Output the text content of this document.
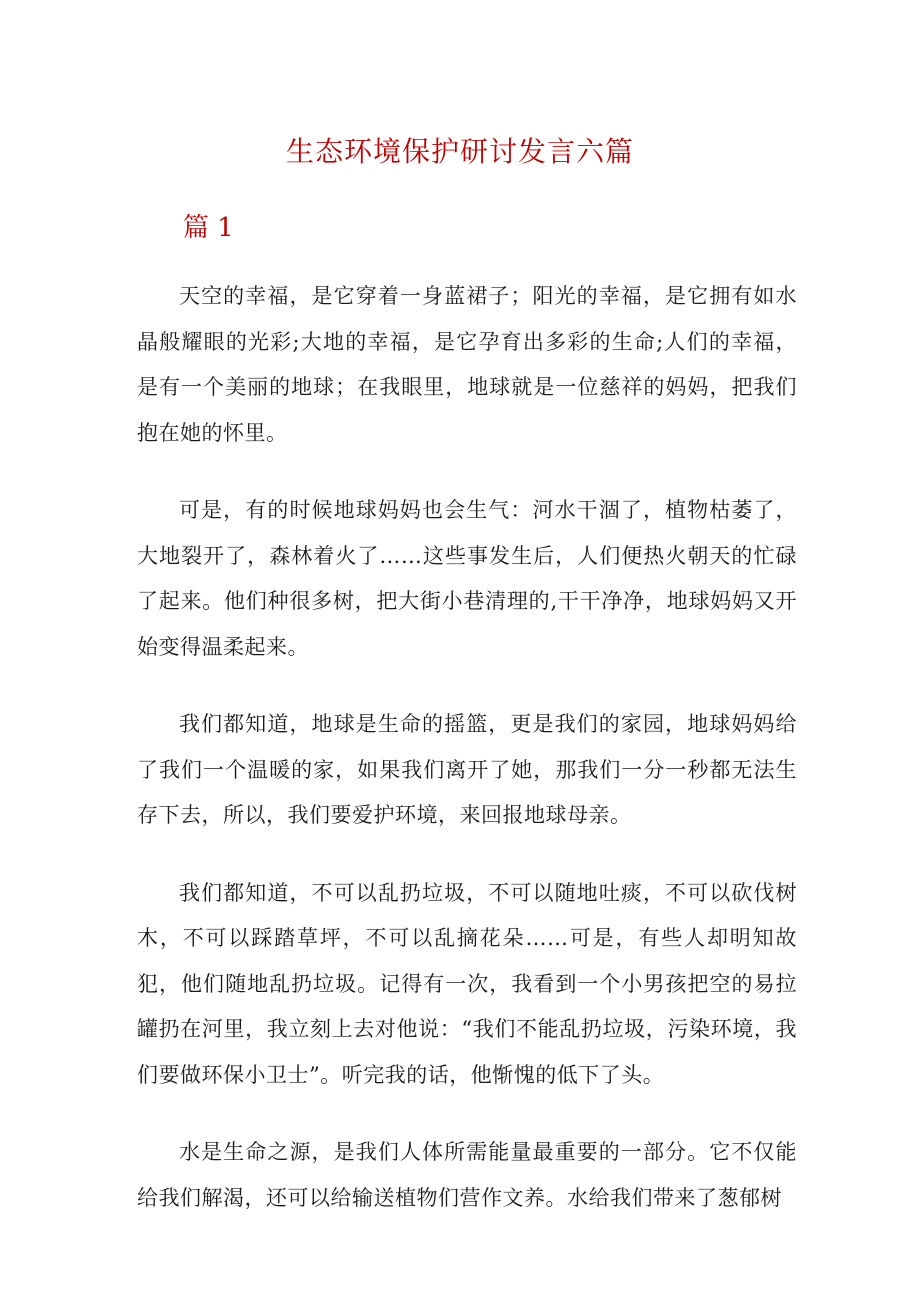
生态环境保护研讨发言六篇
篇 1

天空的幸福，是它穿着一身蓝裙子；阳光的幸福，是它拥有如水晶般耀眼的光彩;大地的幸福，是它孕育出多彩的生命;人们的幸福，是有一个美丽的地球；在我眼里，地球就是一位慈祥的妈妈，把我们抱在她的怀里。

可是，有的时候地球妈妈也会生气：河水干涸了，植物枯萎了，大地裂开了，森林着火了……这些事发生后，人们便热火朝天的忙碌了起来。他们种很多树，把大街小巷清理的,干干净净，地球妈妈又开始变得温柔起来。

我们都知道，地球是生命的摇篮，更是我们的家园，地球妈妈给了我们一个温暖的家，如果我们离开了她，那我们一分一秒都无法生存下去，所以，我们要爱护环境，来回报地球母亲。

我们都知道，不可以乱扔垃圾，不可以随地吐痰，不可以砍伐树木，不可以踩踏草坪，不可以乱摘花朵……可是，有些人却明知故犯，他们随地乱扔垃圾。记得有一次，我看到一个小男孩把空的易拉罐扔在河里，我立刻上去对他说：“我们不能乱扔垃圾，污染环境，我们要做环保小卫士”。听完我的话，他惭愧的低下了头。

水是生命之源，是我们人体所需能量最重要的一部分。它不仅能给我们解渴，还可以给输送植物们营作文养。水给我们带来了葱郁树
